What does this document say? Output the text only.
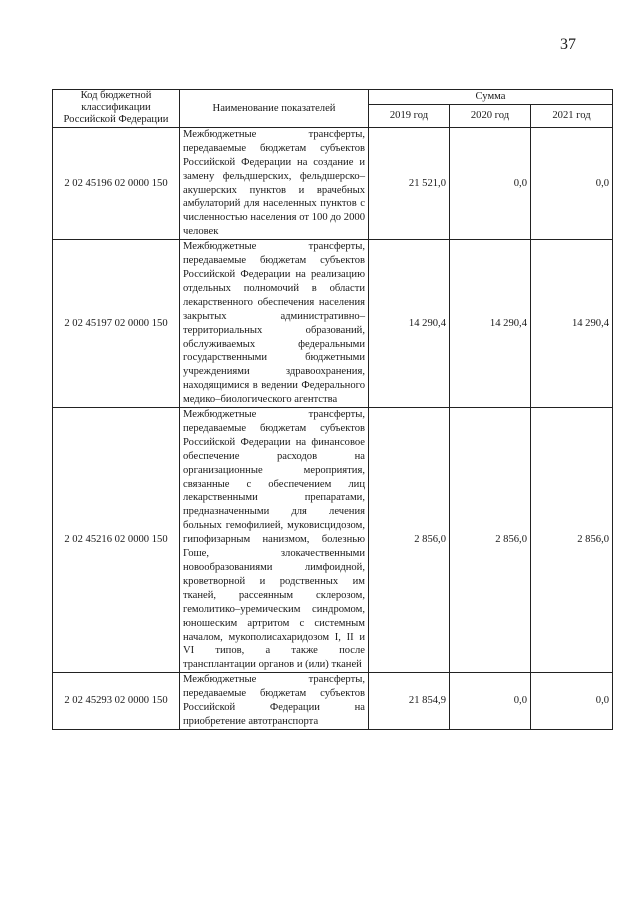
37
Код бюджетной классификации Российской Федерации	Наименование показателей	Сумма		
		2019 год	2020 год	2021 год
2 02 45196 02 0000 150	Межбюджетные трансферты, передаваемые бюджетам субъектов Российской Федерации на создание и замену фельдшерских, фельдшерско–акушерских пунктов и врачебных амбулаторий для населенных пунктов с численностью населения от 100 до 2000 человек	21 521,0	0,0	0,0
2 02 45197 02 0000 150	Межбюджетные трансферты, передаваемые бюджетам субъектов Российской Федерации на реализацию отдельных полномочий в области лекарственного обеспечения населения закрытых административно–территориальных образований, обслуживаемых федеральными государственными бюджетными учреждениями здравоохранения, находящимися в ведении Федерального медико–биологического агентства	14 290,4	14 290,4	14 290,4
2 02 45216 02 0000 150	Межбюджетные трансферты, передаваемые бюджетам субъектов Российской Федерации на финансовое обеспечение расходов на организационные мероприятия, связанные с обеспечением лиц лекарственными препаратами, предназначенными для лечения больных гемофилией, муковисцидозом, гипофизарным нанизмом, болезнью Гоше, злокачественными новообразованиями лимфоидной, кроветворной и родственных им тканей, рассеянным склерозом, гемолитико–уремическим синдромом, юношеским артритом с системным началом, мукополисахаридозом I, II и VI типов, а также после трансплантации органов и (или) тканей	2 856,0	2 856,0	2 856,0
2 02 45293 02 0000 150	Межбюджетные трансферты, передаваемые бюджетам субъектов Российской Федерации на приобретение автотранспорта	21 854,9	0,0	0,0
